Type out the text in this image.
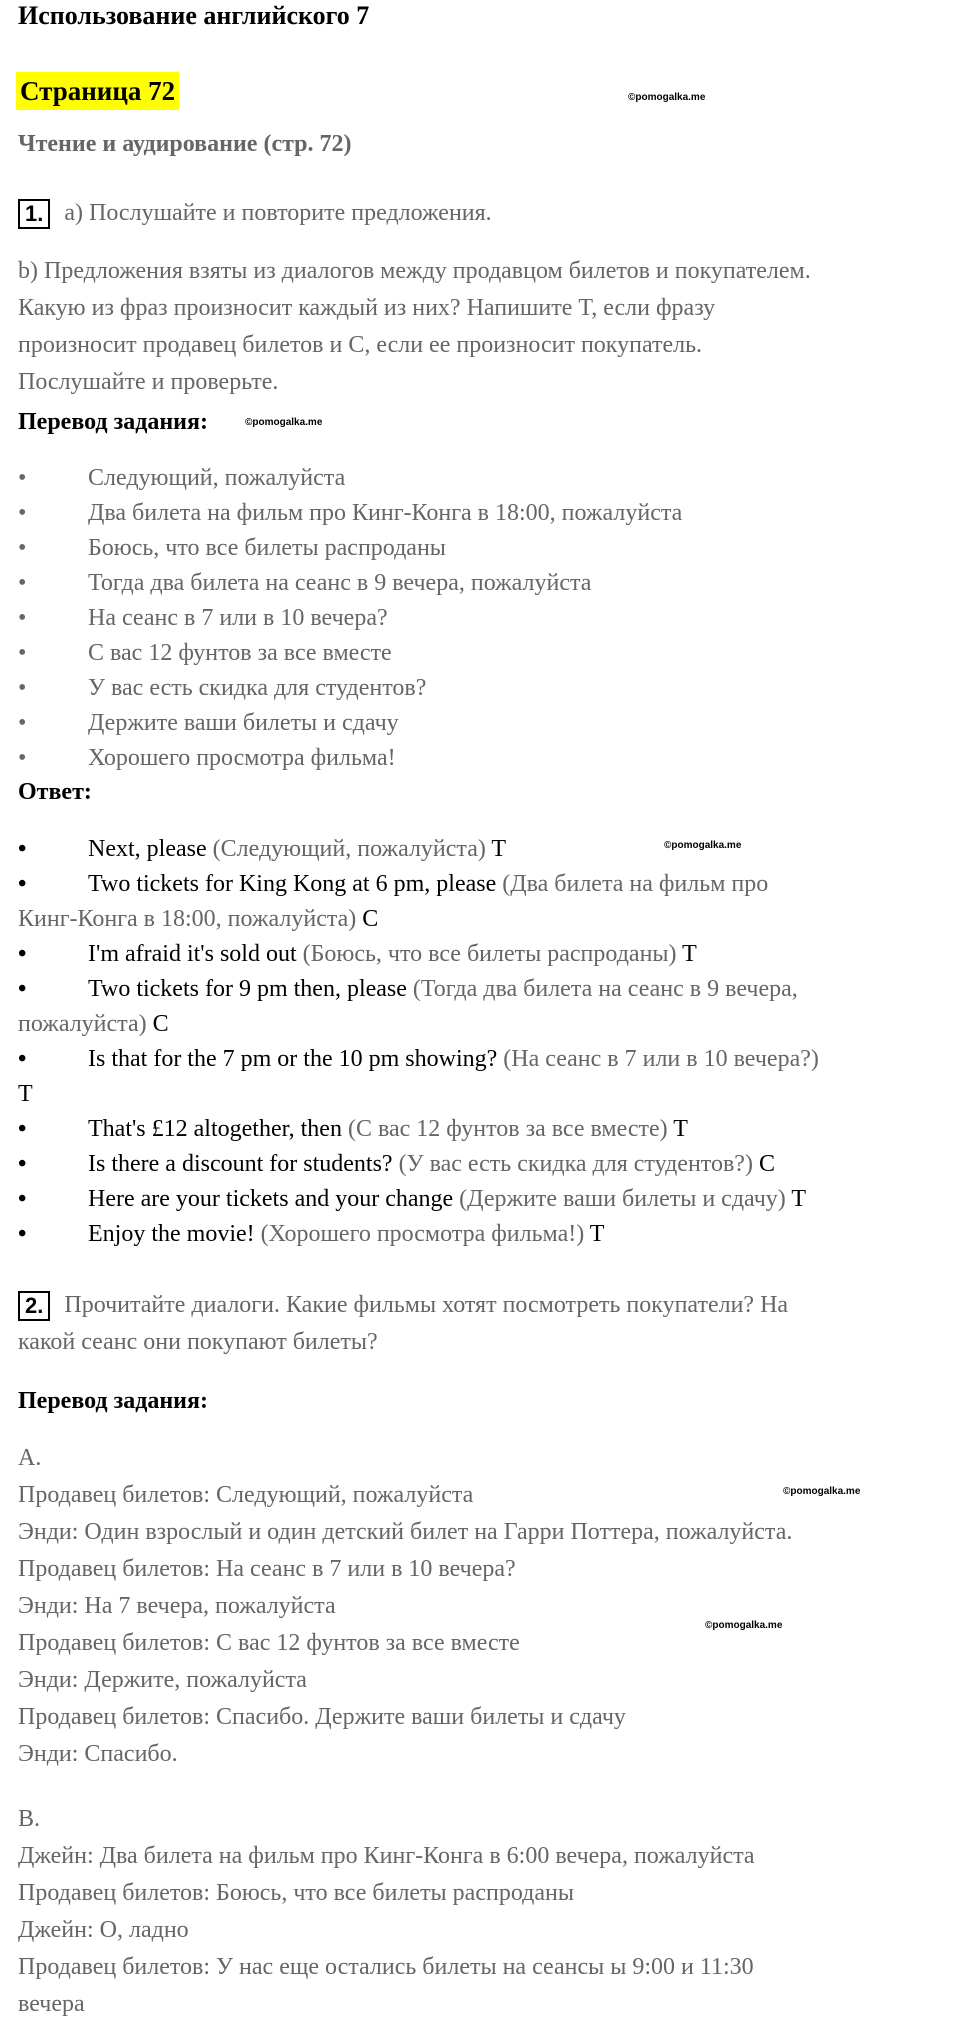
Использование английского 7
Страница 72	©pomogalka.me
Чтение и аудирование (стр. 72)
1. a) Послушайте и повторите предложения.
b) Предложения взяты из диалогов между продавцом билетов и покупателем.
Какую из фраз произносит каждый из них? Напишите T, если фразу
произносит продавец билетов и C, если ее произносит покупатель.
Послушайте и проверьте.
Перевод задания:	©pomogalka.me
•	Следующий, пожалуйста
•	Два билета на фильм про Кинг-Конга в 18:00, пожалуйста
•	Боюсь, что все билеты распроданы
•	Тогда два билета на сеанс в 9 вечера, пожалуйста
•	На сеанс в 7 или в 10 вечера?
•	С вас 12 фунтов за все вместе
•	У вас есть скидка для студентов?
•	Держите ваши билеты и сдачу
•	Хорошего просмотра фильма!
Ответ:
©pomogalka.me
•	Next, please (Следующий, пожалуйста) T
•	Two tickets for King Kong at 6 pm, please (Два билета на фильм про
Кинг-Конга в 18:00, пожалуйста) C
•	I'm afraid it's sold out (Боюсь, что все билеты распроданы) T
•	Two tickets for 9 pm then, please (Тогда два билета на сеанс в 9 вечера,
пожалуйста) C
•	Is that for the 7 pm or the 10 pm showing? (На сеанс в 7 или в 10 вечера?)
T
•	That's £12 altogether, then (С вас 12 фунтов за все вместе) T
•	Is there a discount for students? (У вас есть скидка для студентов?) C
•	Here are your tickets and your change (Держите ваши билеты и сдачу) T
•	Enjoy the movie! (Хорошего просмотра фильма!) T
2. Прочитайте диалоги. Какие фильмы хотят посмотреть покупатели? На
какой сеанс они покупают билеты?
Перевод задания:
A.
Продавец билетов: Следующий, пожалуйста
Энди: Один взрослый и один детский билет на Гарри Поттера, пожалуйста.
Продавец билетов: На сеанс в 7 или в 10 вечера?
Энди: На 7 вечера, пожалуйста
Продавец билетов: С вас 12 фунтов за все вместе
Энди: Держите, пожалуйста
Продавец билетов: Спасибо. Держите ваши билеты и сдачу
Энди: Спасибо.
©pomogalka.me
©pomogalka.me
B.
Джейн: Два билета на фильм про Кинг-Конга в 6:00 вечера, пожалуйста
Продавец билетов: Боюсь, что все билеты распроданы
Джейн: О, ладно
Продавец билетов: У нас еще остались билеты на сеансы ы 9:00 и 11:30
вечера
